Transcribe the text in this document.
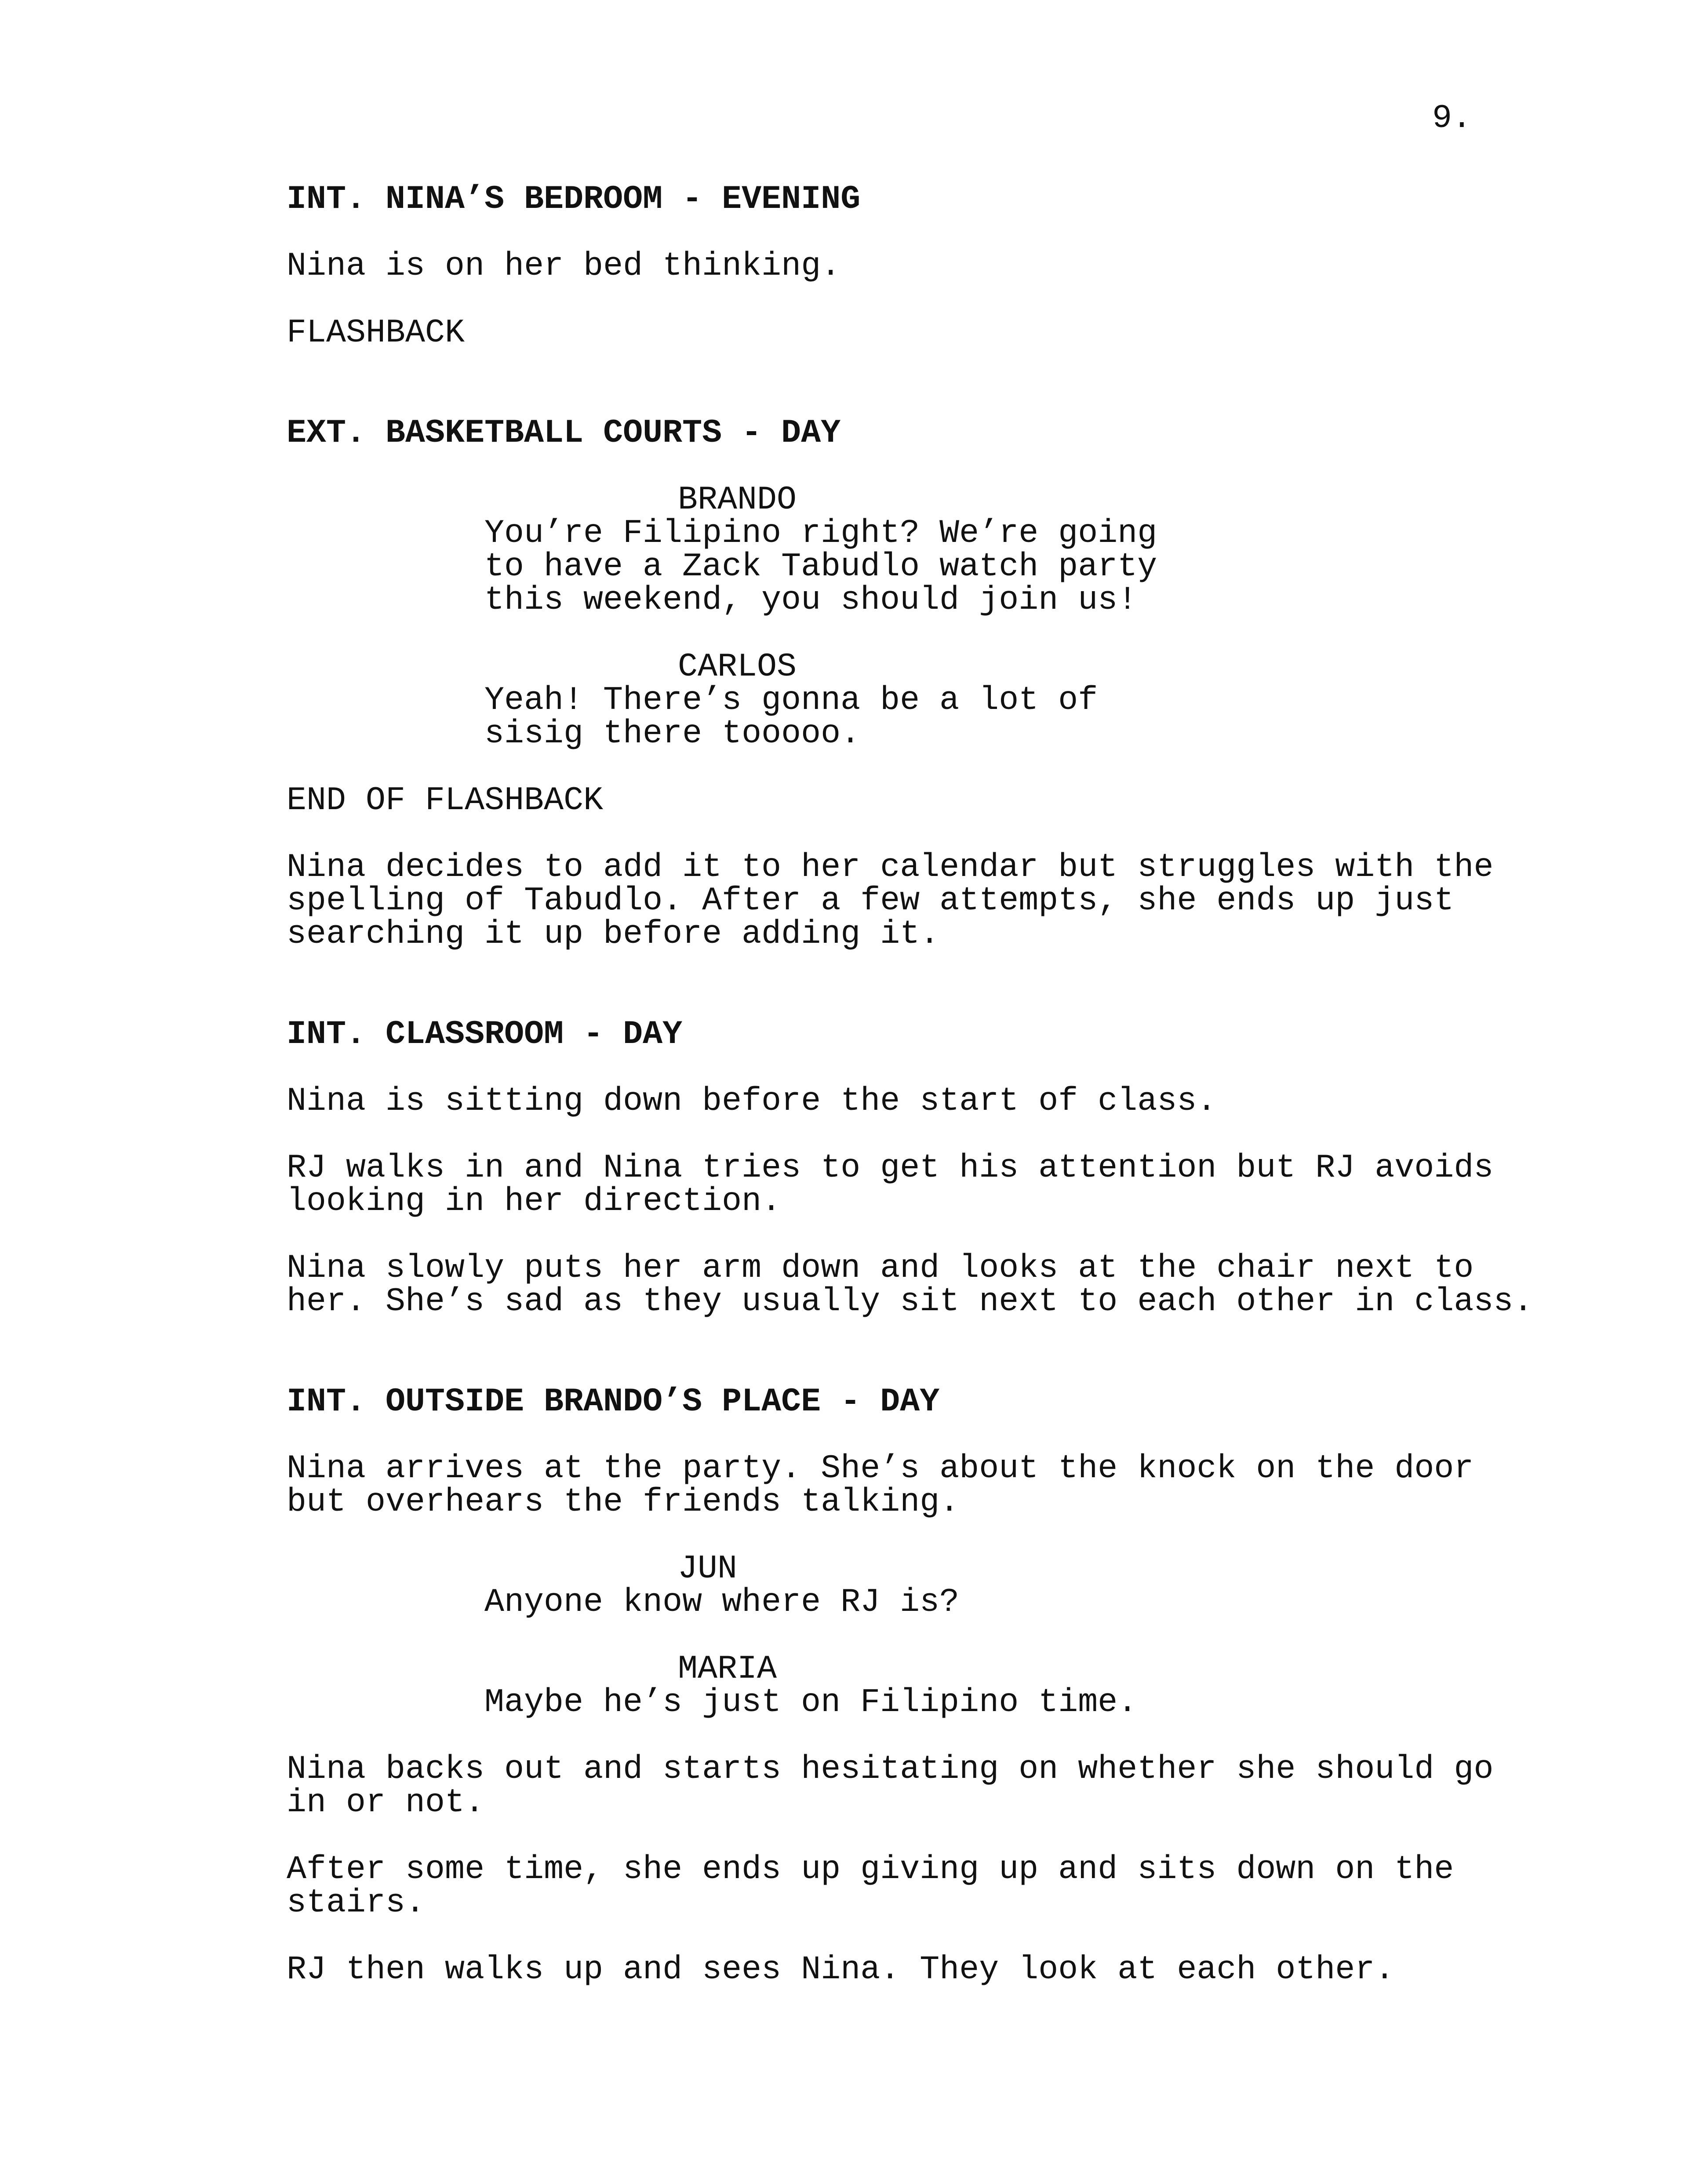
9.
INT. NINA’S BEDROOM - EVENING
Nina is on her bed thinking.
FLASHBACK
EXT. BASKETBALL COURTS - DAY
BRANDO
You’re Filipino right? We’re going
to have a Zack Tabudlo watch party
this weekend, you should join us!
CARLOS
Yeah! There’s gonna be a lot of
sisig there tooooo.
END OF FLASHBACK
Nina decides to add it to her calendar but struggles with the
spelling of Tabudlo. After a few attempts, she ends up just
searching it up before adding it.
INT. CLASSROOM - DAY
Nina is sitting down before the start of class.
RJ walks in and Nina tries to get his attention but RJ avoids
looking in her direction.
Nina slowly puts her arm down and looks at the chair next to
her. She’s sad as they usually sit next to each other in class.
INT. OUTSIDE BRANDO’S PLACE - DAY
Nina arrives at the party. She’s about the knock on the door
but overhears the friends talking.
JUN
Anyone know where RJ is?
MARIA
Maybe he’s just on Filipino time.
Nina backs out and starts hesitating on whether she should go
in or not.
After some time, she ends up giving up and sits down on the
stairs.
RJ then walks up and sees Nina. They look at each other.
